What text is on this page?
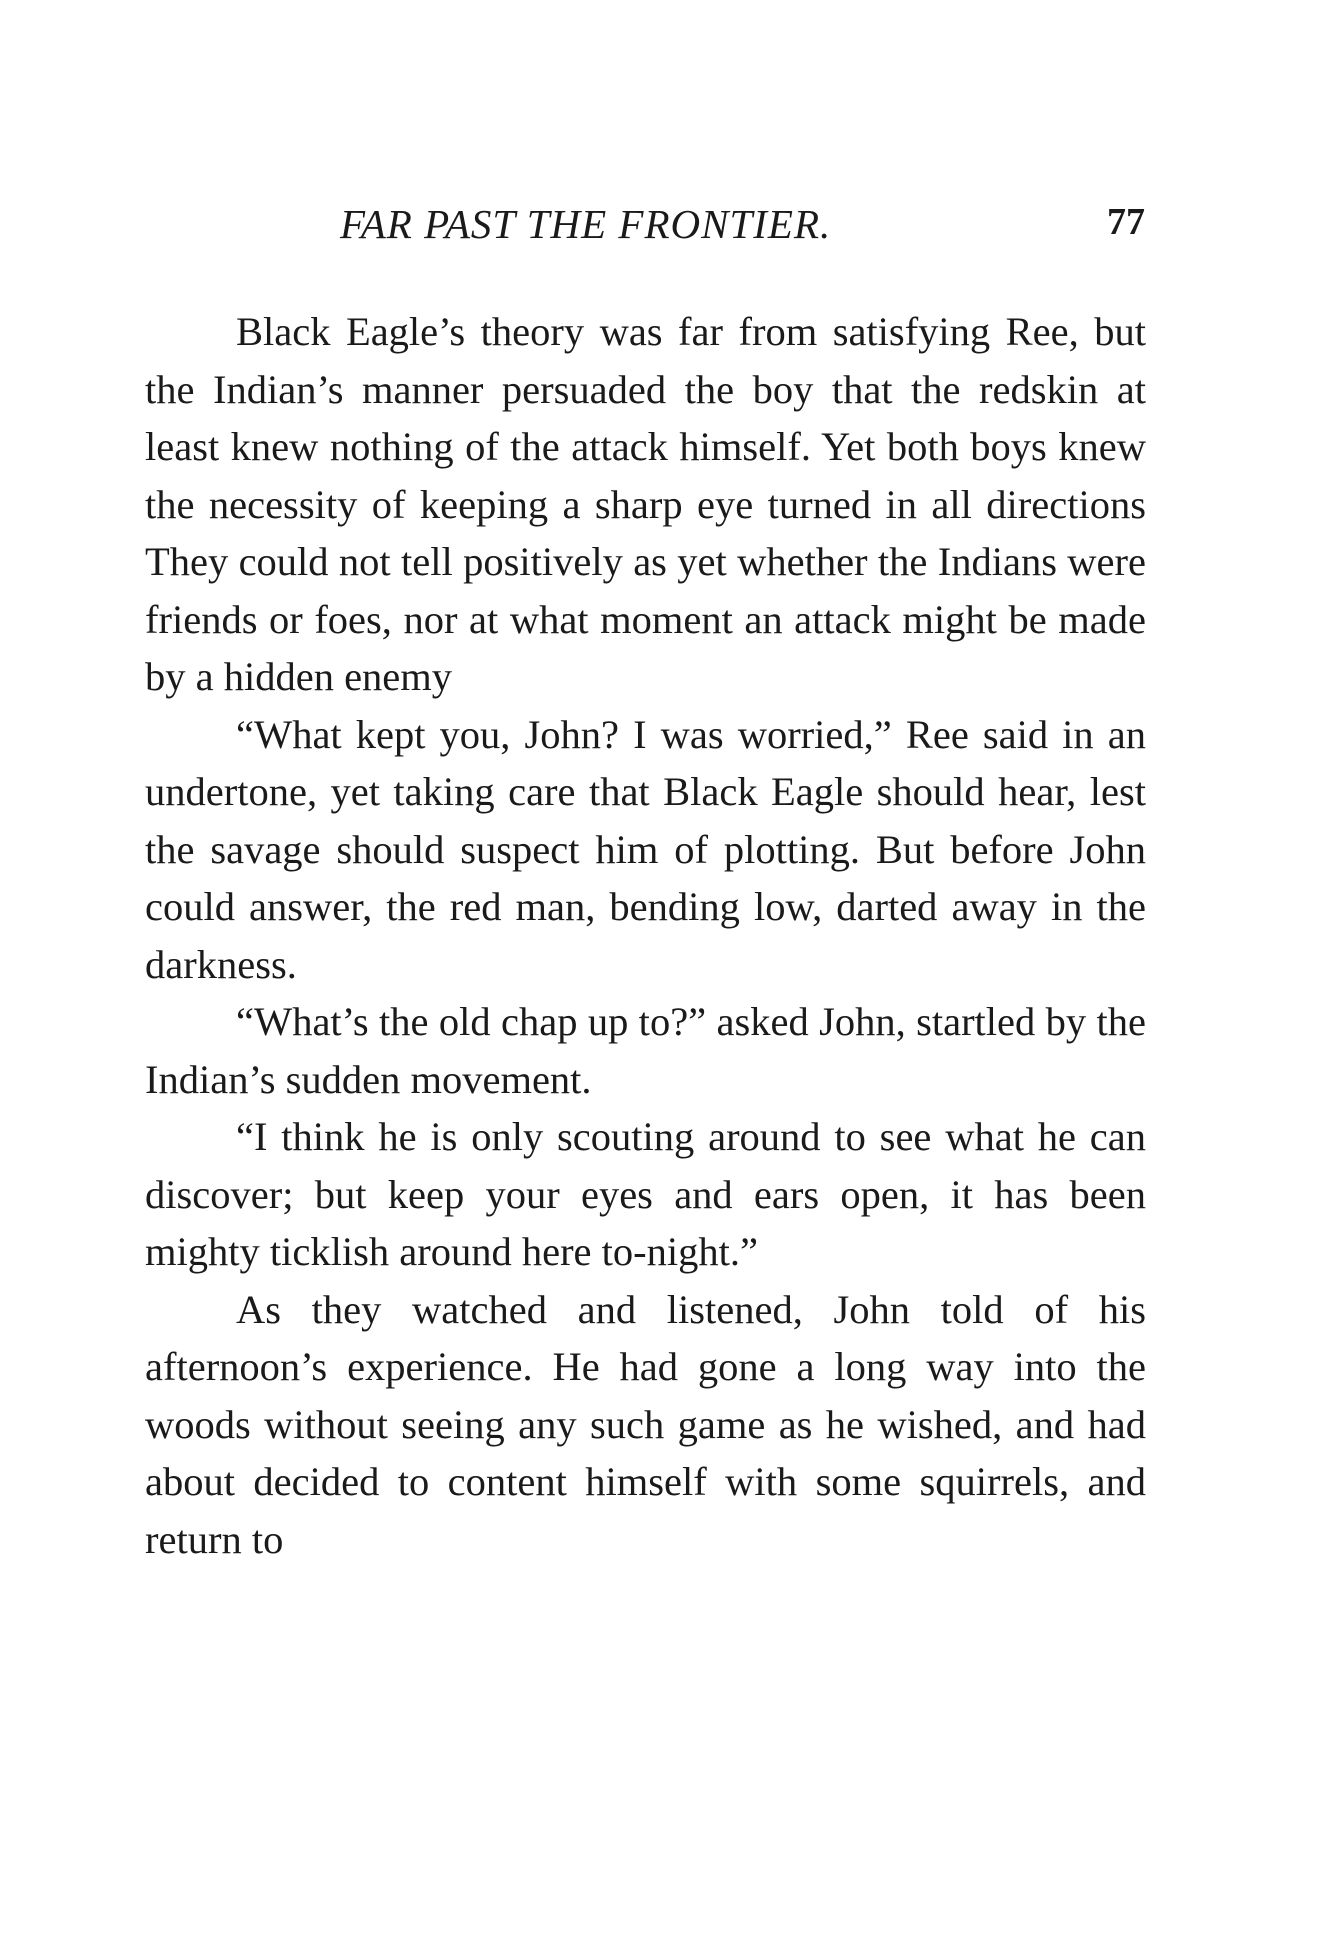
FAR PAST THE FRONTIER.	77

Black Eagle’s theory was far from satisfying Ree, but the Indian’s manner persuaded the boy that the redskin at least knew nothing of the attack himself. Yet both boys knew the necessity of keeping a sharp eye turned in all directions They could not tell positively as yet whether the Indians were friends or foes, nor at what moment an attack might be made by a hidden enemy

“What kept you, John? I was worried,” Ree said in an undertone, yet taking care that Black Eagle should hear, lest the savage should suspect him of plotting. But before John could answer, the red man, bending low, darted away in the darkness.

“What’s the old chap up to?” asked John, startled by the Indian’s sudden movement.

“I think he is only scouting around to see what he can discover; but keep your eyes and ears open, it has been mighty ticklish around here to-night.”

As they watched and listened, John told of his afternoon’s experience. He had gone a long way into the woods without seeing any such game as he wished, and had about decided to content himself with some squirrels, and return to
